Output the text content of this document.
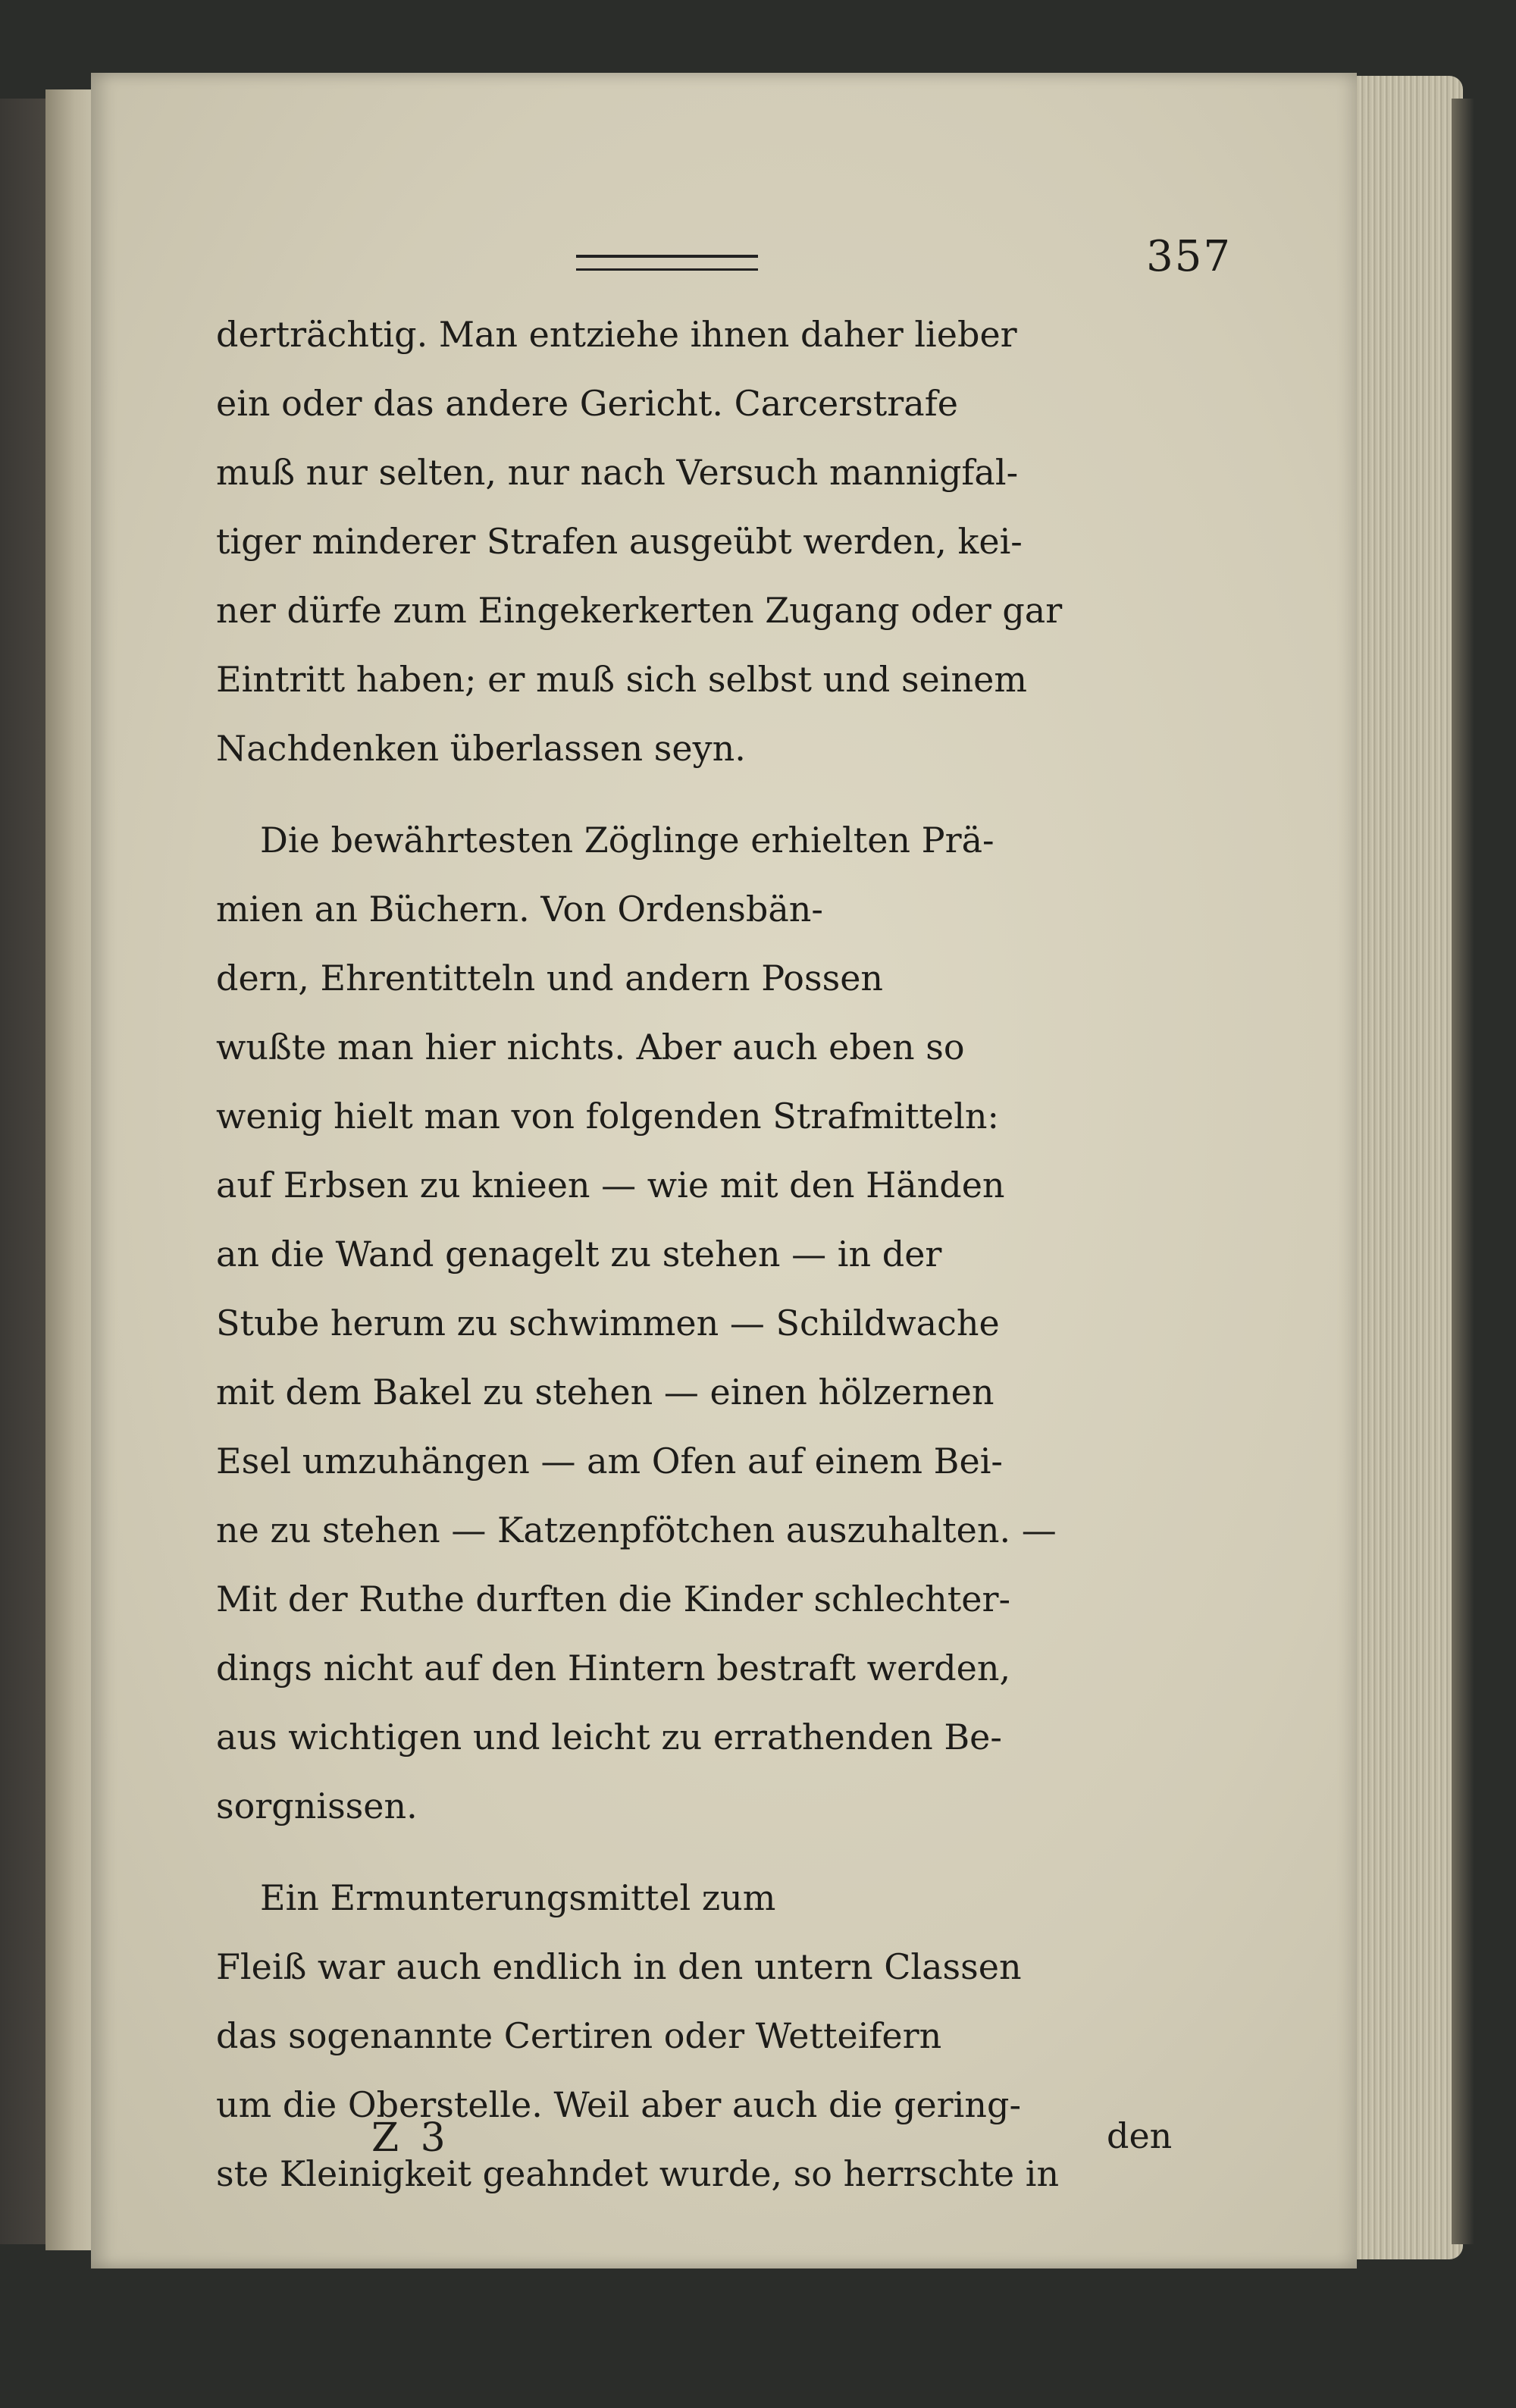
357
derträchtig. Man entziehe ihnen daher lieber
ein oder das andere Gericht. Carcerstrafe
muß nur selten, nur nach Versuch mannigfal-
tiger minderer Strafen ausgeübt werden, kei-
ner dürfe zum Eingekerkerten Zugang oder gar
Eintritt haben; er muß sich selbst und seinem
Nachdenken überlassen seyn.
Die bewährtesten Zöglinge erhielten Prä-
mien an Büchern. Von Ordensbän-
dern, Ehrentitteln und andern Possen
wußte man hier nichts. Aber auch eben so
wenig hielt man von folgenden Strafmitteln:
auf Erbsen zu knieen — wie mit den Händen
an die Wand genagelt zu stehen — in der
Stube herum zu schwimmen — Schildwache
mit dem Bakel zu stehen — einen hölzernen
Esel umzuhängen — am Ofen auf einem Bei-
ne zu stehen — Katzenpfötchen auszuhalten. —
Mit der Ruthe durften die Kinder schlechter-
dings nicht auf den Hintern bestraft werden,
aus wichtigen und leicht zu errathenden Be-
sorgnissen.
Ein Ermunterungsmittel zum
Fleiß war auch endlich in den untern Classen
das sogenannte Certiren oder Wetteifern
um die Oberstelle. Weil aber auch die gering-
ste Kleinigkeit geahndet wurde, so herrschte in
Z 3	den
